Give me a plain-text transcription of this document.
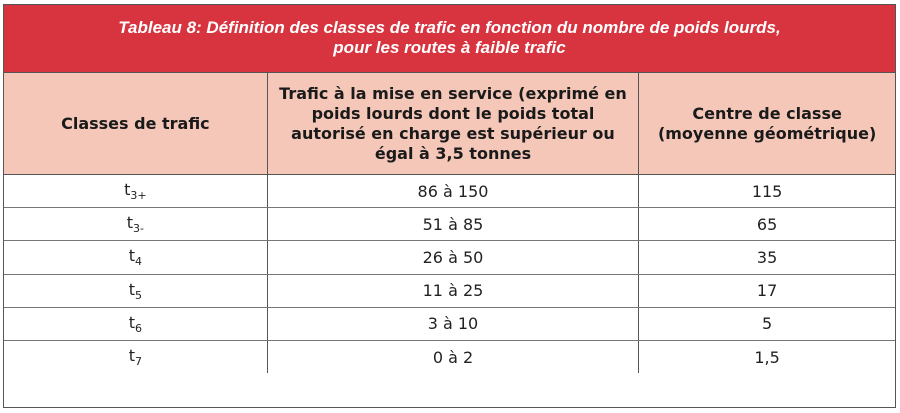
Tableau 8: Définition des classes de trafic en fonction du nombre de poids lourds,
pour les routes à faible trafic
Classes de trafic	Trafic à la mise en service (exprimé en poids lourds dont le poids total autorisé en charge est supérieur ou égal à 3,5 tonnes	Centre de classe (moyenne géométrique)
$t_{3+}$	86 à 150	115
$t_{3-}$	51 à 85	65
$t_4$	26 à 50	35
$t_5$	11 à 25	17
$t_6$	3 à 10	5
$t_7$	0 à 2	1,5
